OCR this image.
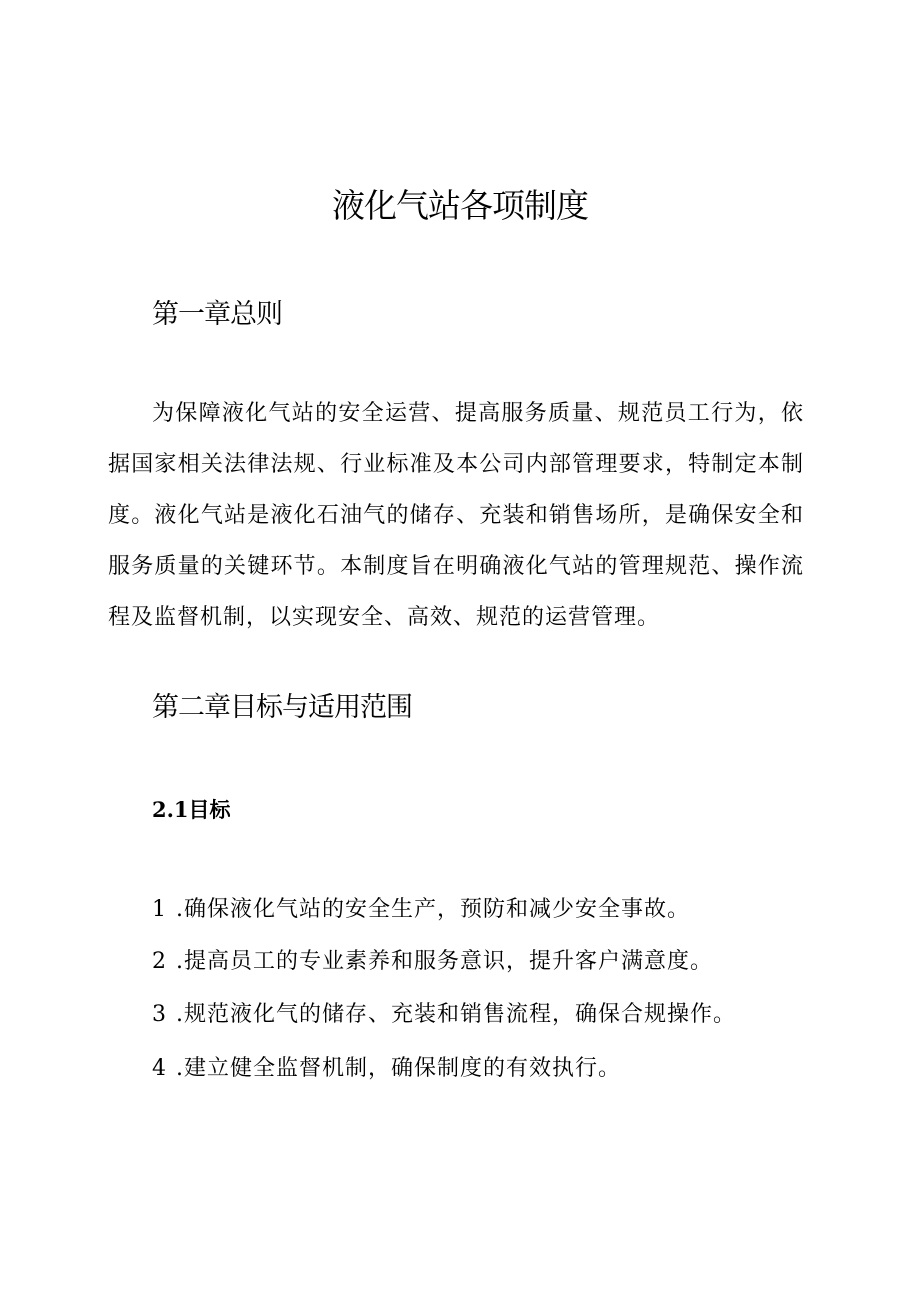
液化气站各项制度
第一章总则

为保障液化气站的安全运营、提高服务质量、规范员工行为，依据国家相关法律法规、行业标准及本公司内部管理要求，特制定本制度。液化气站是液化石油气的储存、充装和销售场所，是确保安全和服务质量的关键环节。本制度旨在明确液化气站的管理规范、操作流程及监督机制，以实现安全、高效、规范的运营管理。

第二章目标与适用范围
2.1目标

1 .确保液化气站的安全生产，预防和减少安全事故。

2 .提高员工的专业素养和服务意识，提升客户满意度。

3 .规范液化气的储存、充装和销售流程，确保合规操作。

4 .建立健全监督机制，确保制度的有效执行。
